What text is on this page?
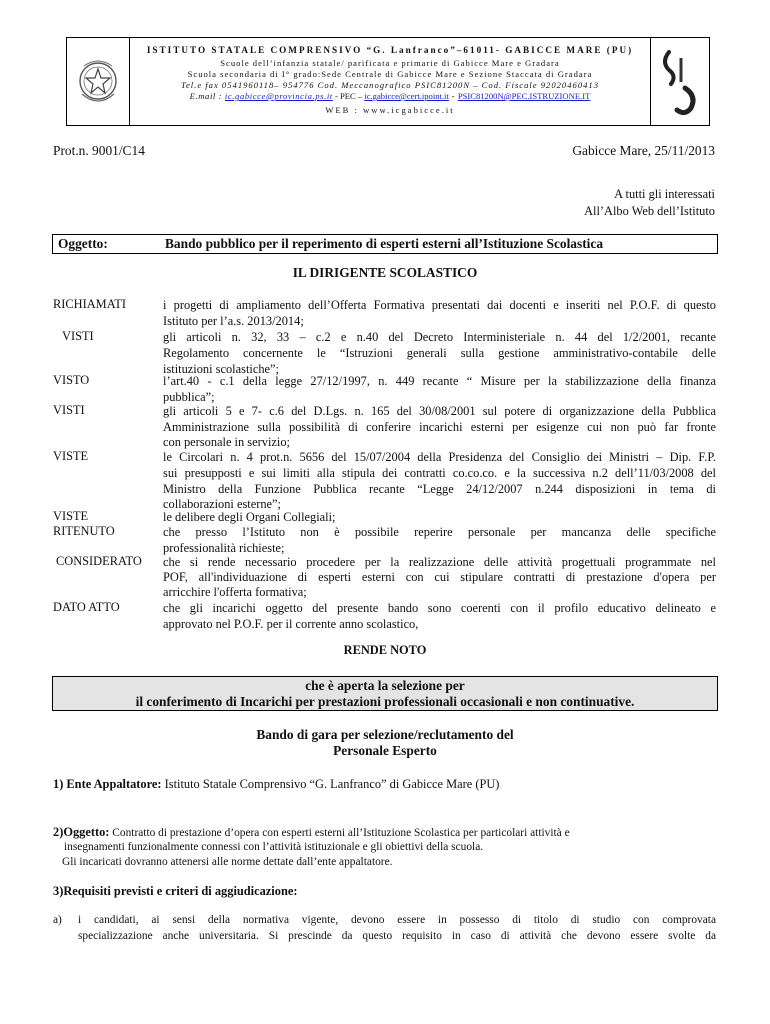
ISTITUTO STATALE COMPRENSIVO “G. Lanfranco”–61011- GABICCE MARE (PU)
Scuole dell’infanzia statale/ parificata e primarie di Gabicce Mare e Gradara
Scuola secondaria di I° grado:Sede Centrale di Gabicce Mare e Sezione Staccata di Gradara
Tel.e fax 0541960118– 954776 Cod. Meccanografico PSIC81200N – Cod. Fiscale 92020460413
E.mail : ic.gabicce@provincia.ps.it - PEC – ic.gabicce@cert.ipoint.it - PSIC81200N@PEC.ISTRUZIONE.IT
WEB : www.icgabicce.it
Prot.n. 9001/C14	Gabicce Mare, 25/11/2013
A tutti gli interessati
All’Albo Web dell’Istituto
Oggetto:	Bando pubblico per il reperimento di esperti esterni all’Istituzione Scolastica
IL DIRIGENTE SCOLASTICO
RICHIAMATI	i progetti di ampliamento dell’Offerta Formativa presentati dai docenti e inseriti nel P.O.F. di questo
Istituto per l’a.s. 2013/2014;
VISTI	gli articoli n. 32, 33 – c.2 e n.40 del Decreto Interministeriale n. 44 del 1/2/2001, recante
Regolamento concernente le “Istruzioni generali sulla gestione amministrativo-contabile delle
istituzioni scolastiche”;
VISTO	l’art.40 - c.1 della legge 27/12/1997, n. 449 recante “ Misure per la stabilizzazione della finanza
pubblica”;
VISTI	gli articoli 5 e 7- c.6 del D.Lgs. n. 165 del 30/08/2001 sul potere di organizzazione della Pubblica
Amministrazione sulla possibilità di conferire incarichi esterni per esigenze cui non può far fronte
con personale in servizio;
VISTE	le Circolari n. 4 prot.n. 5656 del 15/07/2004 della Presidenza del Consiglio dei Ministri – Dip. F.P.
sui presupposti e sui limiti alla stipula dei contratti co.co.co. e la successiva n.2 dell’11/03/2008 del
Ministro della Funzione Pubblica recante “Legge 24/12/2007 n.244 disposizioni in tema di
collaborazioni esterne”;
VISTE	le delibere degli Organi Collegiali;
RITENUTO	che presso l’Istituto non è possibile reperire personale per mancanza delle specifiche
professionalità richieste;
CONSIDERATO che si rende necessario procedere per la realizzazione delle attività progettuali programmate nel
POF, all'individuazione di esperti esterni con cui stipulare contratti di prestazione d'opera per
arricchire l'offerta formativa;
DATO ATTO	che gli incarichi oggetto del presente bando sono coerenti con il profilo educativo delineato e
approvato nel P.O.F. per il corrente anno scolastico,
RENDE NOTO
che è aperta la selezione per
il conferimento di Incarichi per prestazioni professionali occasionali e non continuative.
Bando di gara per selezione/reclutamento del
Personale Esperto
1) Ente Appaltatore: Istituto Statale Comprensivo “G. Lanfranco” di Gabicce Mare (PU)
2)Oggetto: Contratto di prestazione d’opera con esperti esterni all’Istituzione Scolastica per particolari attività e
insegnamenti funzionalmente connessi con l’attività istituzionale e gli obiettivi della scuola.
Gli incaricati dovranno attenersi alle norme dettate dall’ente appaltatore.
3)Requisiti previsti e criteri di aggiudicazione:
a) i candidati, ai sensi della normativa vigente, devono essere in possesso di titolo di studio con comprovata
specializzazione anche universitaria. Si prescinde da questo requisito in caso di attività che devono essere svolte da
